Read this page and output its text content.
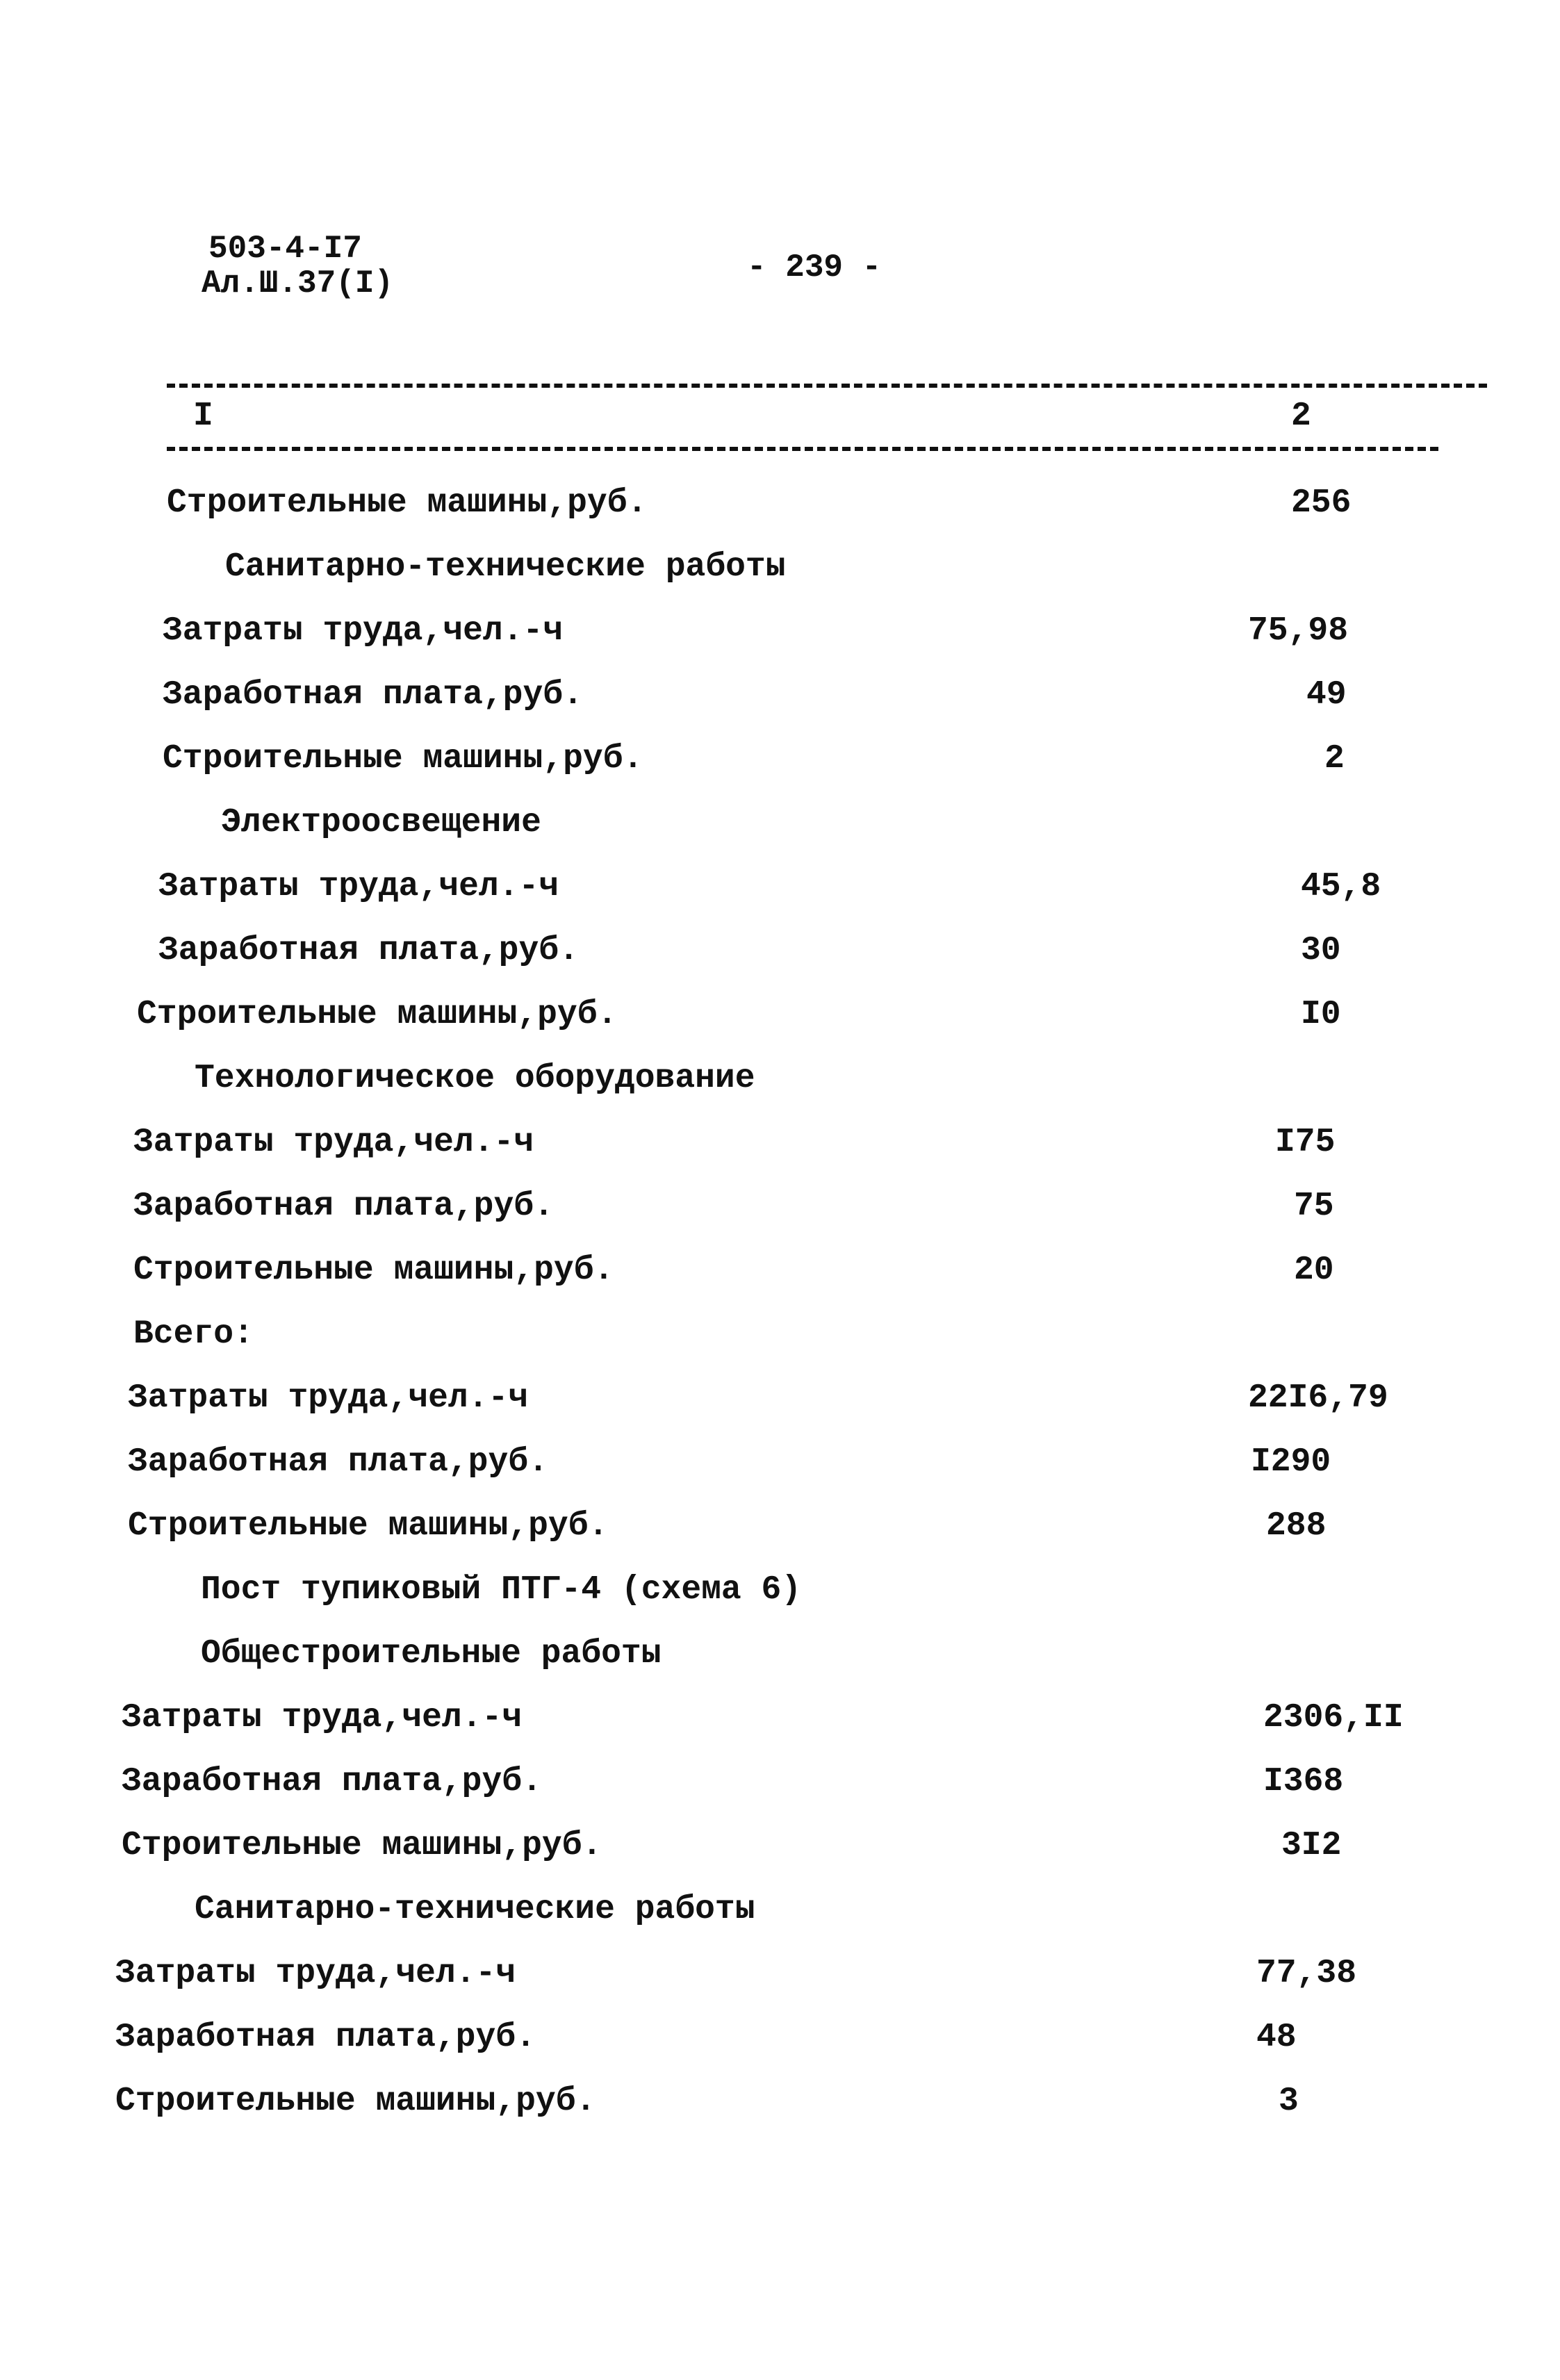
503-4-I7
Ал.Ш.37(I)	- 239 -
I	2
Строительные машины,руб.	256
Санитарно-технические работы
Затраты труда,чел.-ч	75,98
Заработная плата,руб.	49
Строительные машины,руб.	2
Электроосвещение
Затраты труда,чел.-ч	45,8
Заработная плата,руб.	30
Строительные машины,руб.	I0
Технологическое оборудование
Затраты труда,чел.-ч	I75
Заработная плата,руб.	75
Строительные машины,руб.	20
Всего:
Затраты труда,чел.-ч	22I6,79
Заработная плата,руб.	I290
Строительные машины,руб.	288
Пост тупиковый ПТГ-4 (схема 6)
Общестроительные работы
Затраты труда,чел.-ч	2306,II
Заработная плата,руб.	I368
Строительные машины,руб.	3I2
Санитарно-технические работы
Затраты труда,чел.-ч	77,38
Заработная плата,руб.	48
Строительные машины,руб.	3
